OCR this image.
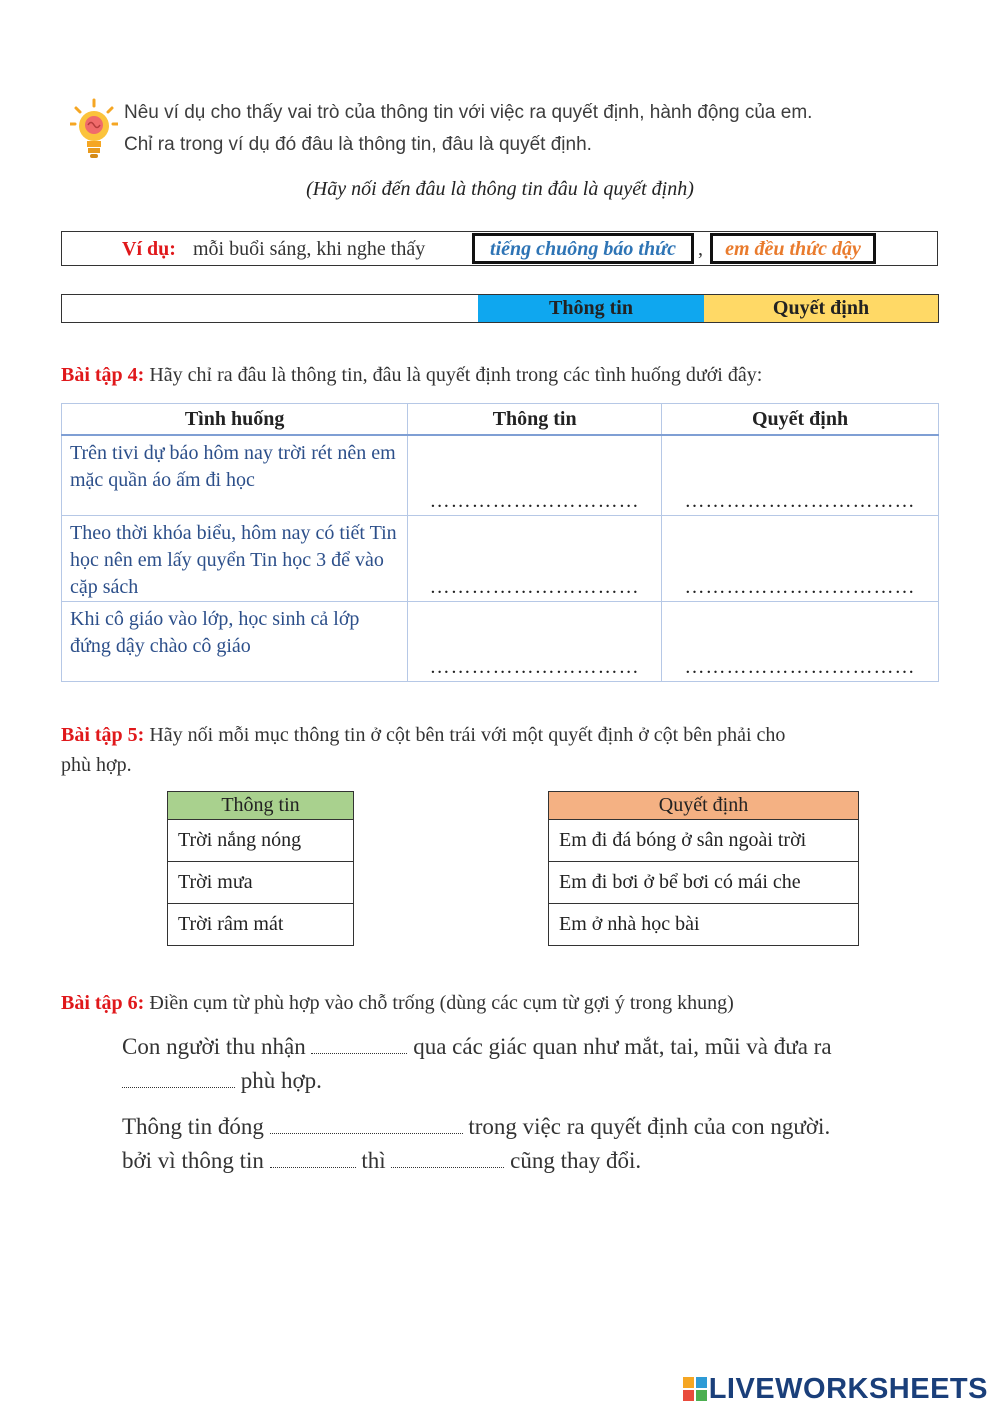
Nêu ví dụ cho thấy vai trò của thông tin với việc ra quyết định, hành động của em.
Chỉ ra trong ví dụ đó đâu là thông tin, đâu là quyết định.
(Hãy nối đến đâu là thông tin đâu là quyết định)
Ví dụ: mỗi buổi sáng, khi nghe thấy	tiếng chuông báo thức	,	em đều thức dậy
Thông tin	Quyết định
Bài tập 4: Hãy chỉ ra đâu là thông tin, đâu là quyết định trong các tình huống dưới đây:
Tình huống	Thông tin	Quyết định
Trên tivi dự báo hôm nay trời rét nên em mặc quần áo ấm đi học	…………………………	……………………………
Theo thời khóa biểu, hôm nay có tiết Tin học nên em lấy quyển Tin học 3 để vào cặp sách	…………………………	……………………………
Khi cô giáo vào lớp, học sinh cả lớp đứng dậy chào cô giáo	…………………………	……………………………
Bài tập 5: Hãy nối mỗi mục thông tin ở cột bên trái với một quyết định ở cột bên phải cho
phù hợp.
Thông tin
Trời nắng nóng
Trời mưa
Trời râm mát
Quyết định
Em đi đá bóng ở sân ngoài trời
Em đi bơi ở bể bơi có mái che
Em ở nhà học bài
Bài tập 6: Điền cụm từ phù hợp vào chỗ trống (dùng các cụm từ gợi ý trong khung)
Con người thu nhận	qua các giác quan như mắt, tai, mũi và đưa ra
phù hợp.
Thông tin đóng	trong việc ra quyết định của con người.
bởi vì thông tin	thì	cũng thay đổi.
LIVEWORKSHEETS
